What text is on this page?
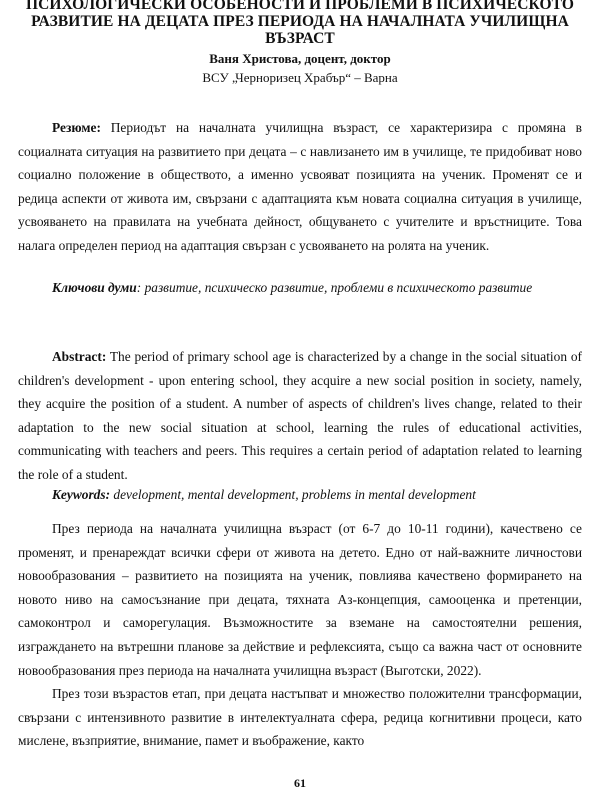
ПСИХОЛОГИЧЕСКИ ОСОБЕНОСТИ И ПРОБЛЕМИ В ПСИХИЧЕСКОТО РАЗВИТИЕ НА ДЕЦАТА ПРЕЗ ПЕРИОДА НА НАЧАЛНАТА УЧИЛИЩНА ВЪЗРАСТ
Ваня Христова, доцент, доктор
ВСУ „Черноризец Храбър“ – Варна

Резюме: Периодът на началната училищна възраст, се характеризира с промяна в социалната ситуация на развитието при децата – с навлизането им в училище, те придобиват ново социално положение в обществото, а именно усвояват позицията на ученик. Променят се и редица аспекти от живота им, свързани с адаптацията към новата социална ситуация в училище, усвояването на правилата на учебната дейност, общуването с учителите и връстниците. Това налага определен период на адаптация свързан с усвояването на ролята на ученик.

Ключови думи: развитие, психическо развитие, проблеми в психическото развитие

Abstract: The period of primary school age is characterized by a change in the social situation of children's development - upon entering school, they acquire a new social position in society, namely, they acquire the position of a student. A number of aspects of children's lives change, related to their adaptation to the new social situation at school, learning the rules of educational activities, communicating with teachers and peers. This requires a certain period of adaptation related to learning the role of a student.

Keywords: development, mental development, problems in mental development

През периода на началната училищна възраст (от 6-7 до 10-11 години), качествено се променят, и пренареждат всички сфери от живота на детето. Едно от най-важните личностови новообразования – развитието на позицията на ученик, повлиява качествено формирането на новото ниво на самосъзнание при децата, тяхната Аз-концепция, самооценка и претенции, самоконтрол и саморегулация. Възможностите за вземане на самостоятелни решения, изграждането на вътрешни планове за действие и рефлексията, също са важна част от основните новообразования през периода на началната училищна възраст (Выготски, 2022).

През този възрастов етап, при децата настъпват и множество положителни трансформации, свързани с интензивното развитие в интелектуалната сфера, редица когнитивни процеси, като мислене, възприятие, внимание, памет и въображение, както

61
